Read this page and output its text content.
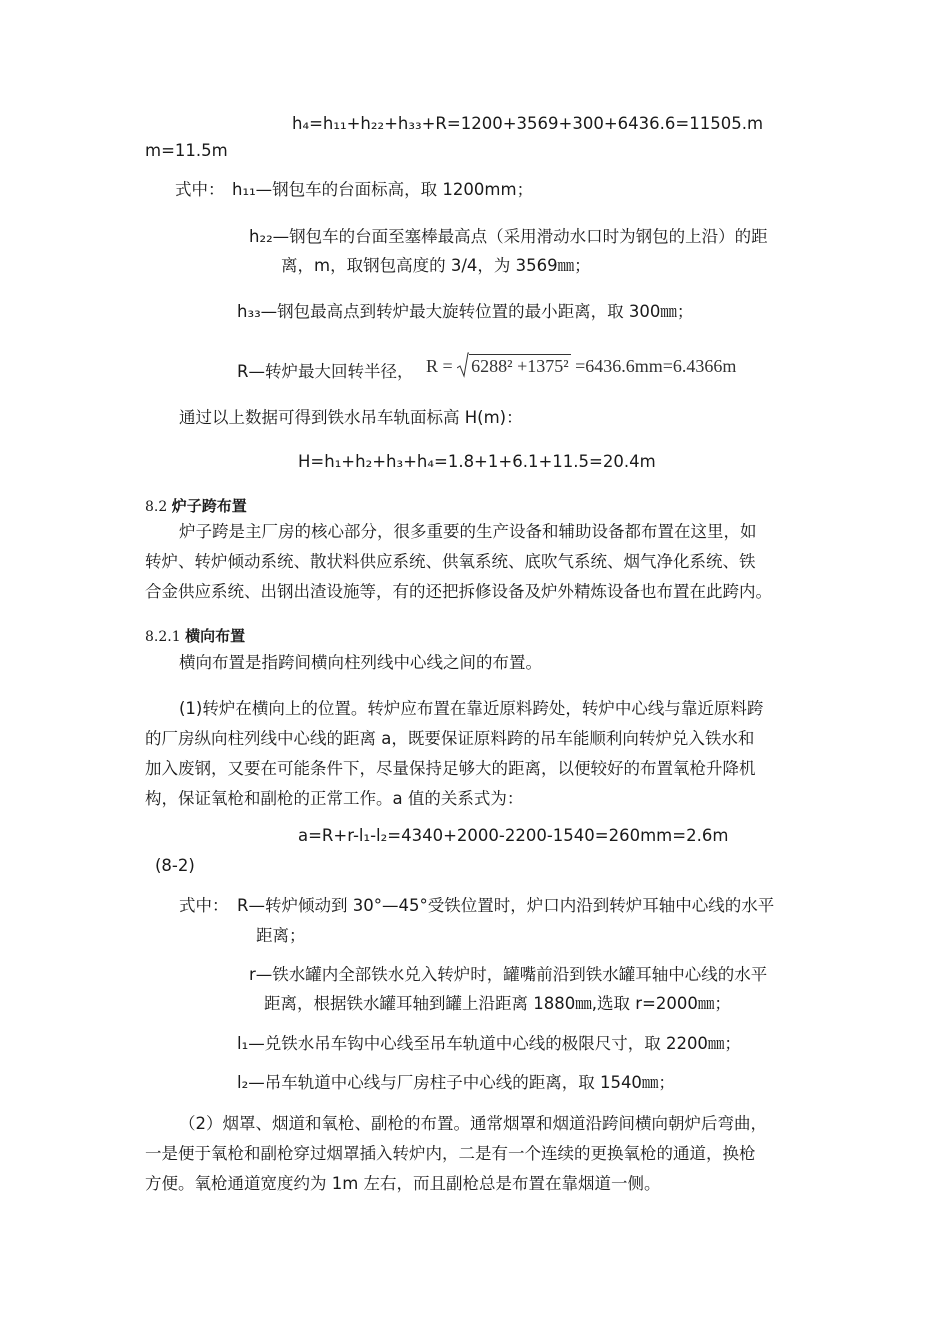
h₄=h₁₁+h₂₂+h₃₃+R=1200+3569+300+6436.6=11505.m
m=11.5m
式中： h₁₁—钢包车的台面标高，取 1200mm；
h₂₂—钢包车的台面至塞棒最高点（采用滑动水口时为钢包的上沿）的距
离，m，取钢包高度的 3/4，为 3569㎜；
h₃₃—钢包最高点到转炉最大旋转位置的最小距离，取 300㎜；
R—转炉最大回转半径， R = 6288² +1375² =6436.6mm=6.4366m
通过以上数据可得到铁水吊车轨面标高 H(m)：
H=h₁+h₂+h₃+h₄=1.8+1+6.1+11.5=20.4m
8.2 炉子跨布置
炉子跨是主厂房的核心部分，很多重要的生产设备和辅助设备都布置在这里，如
转炉、转炉倾动系统、散状料供应系统、供氧系统、底吹气系统、烟气净化系统、铁
合金供应系统、出钢出渣设施等，有的还把拆修设备及炉外精炼设备也布置在此跨内。
8.2.1 横向布置
横向布置是指跨间横向柱列线中心线之间的布置。
(1)转炉在横向上的位置。转炉应布置在靠近原料跨处，转炉中心线与靠近原料跨
的厂房纵向柱列线中心线的距离 a，既要保证原料跨的吊车能顺利向转炉兑入铁水和
加入废钢，又要在可能条件下，尽量保持足够大的距离，以便较好的布置氧枪升降机
构，保证氧枪和副枪的正常工作。a 值的关系式为：
a=R+r-l₁-l₂=4340+2000-2200-1540=260mm=2.6m
(8-2)
式中： R—转炉倾动到 30°—45°受铁位置时，炉口内沿到转炉耳轴中心线的水平
距离；
r—铁水罐内全部铁水兑入转炉时，罐嘴前沿到铁水罐耳轴中心线的水平
距离，根据铁水罐耳轴到罐上沿距离 1880㎜,选取 r=2000㎜；
l₁—兑铁水吊车钩中心线至吊车轨道中心线的极限尺寸，取 2200㎜；
l₂—吊车轨道中心线与厂房柱子中心线的距离，取 1540㎜；
（2）烟罩、烟道和氧枪、副枪的布置。通常烟罩和烟道沿跨间横向朝炉后弯曲，
一是便于氧枪和副枪穿过烟罩插入转炉内，二是有一个连续的更换氧枪的通道，换枪
方便。氧枪通道宽度约为 1m 左右，而且副枪总是布置在靠烟道一侧。
